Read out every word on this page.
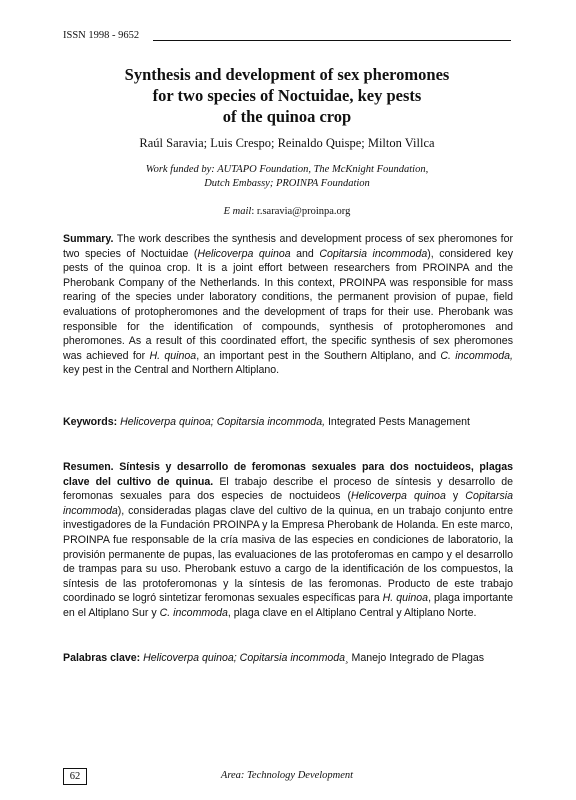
ISSN 1998 - 9652
Synthesis and development of sex pheromones
for two species of Noctuidae, key pests
of the quinoa crop
Raúl Saravia; Luis Crespo; Reinaldo Quispe; Milton Villca
Work funded by: AUTAPO Foundation, The McKnight Foundation,
Dutch Embassy; PROINPA Foundation
E mail: r.saravia@proinpa.org

Summary. The work describes the synthesis and development process of sex pheromones for two species of Noctuidae (Helicoverpa quinoa and Copitarsia incommoda), considered key pests of the quinoa crop. It is a joint effort between researchers from PROINPA and the Pherobank Company of the Netherlands. In this context, PROINPA was responsible for mass rearing of the species under laboratory conditions, the permanent provision of pupae, field evaluations of protopheromones and the development of traps for their use. Pherobank was responsible for the identification of compounds, synthesis of protopheromones and pheromones. As a result of this coordinated effort, the specific synthesis of sex pheromones was achieved for H. quinoa, an important pest in the Southern Altiplano, and C. incommoda, key pest in the Central and Northern Altiplano.

Keywords: Helicoverpa quinoa; Copitarsia incommoda, Integrated Pests Management

Resumen. Síntesis y desarrollo de feromonas sexuales para dos noctuideos, plagas clave del cultivo de quinua. El trabajo describe el proceso de síntesis y desarrollo de feromonas sexuales para dos especies de noctuideos (Helicoverpa quinoa y Copitarsia incommoda), consideradas plagas clave del cultivo de la quinua, en un trabajo conjunto entre investigadores de la Fundación PROINPA y la Empresa Pherobank de Holanda. En este marco, PROINPA fue responsable de la cría masiva de las especies en condiciones de laboratorio, la provisión permanente de pupas, las evaluaciones de las protoferomas en campo y el desarrollo de trampas para su uso. Pherobank estuvo a cargo de la identificación de los compuestos, la síntesis de las protoferomonas y la síntesis de las feromonas. Producto de este trabajo coordinado se logró sintetizar feromonas sexuales específicas para H. quinoa, plaga importante en el Altiplano Sur y C. incommoda, plaga clave en el Altiplano Central y Altiplano Norte.

Palabras clave: Helicoverpa quinoa; Copitarsia incommoda¸ Manejo Integrado de Plagas

Area: Technology Development
62
